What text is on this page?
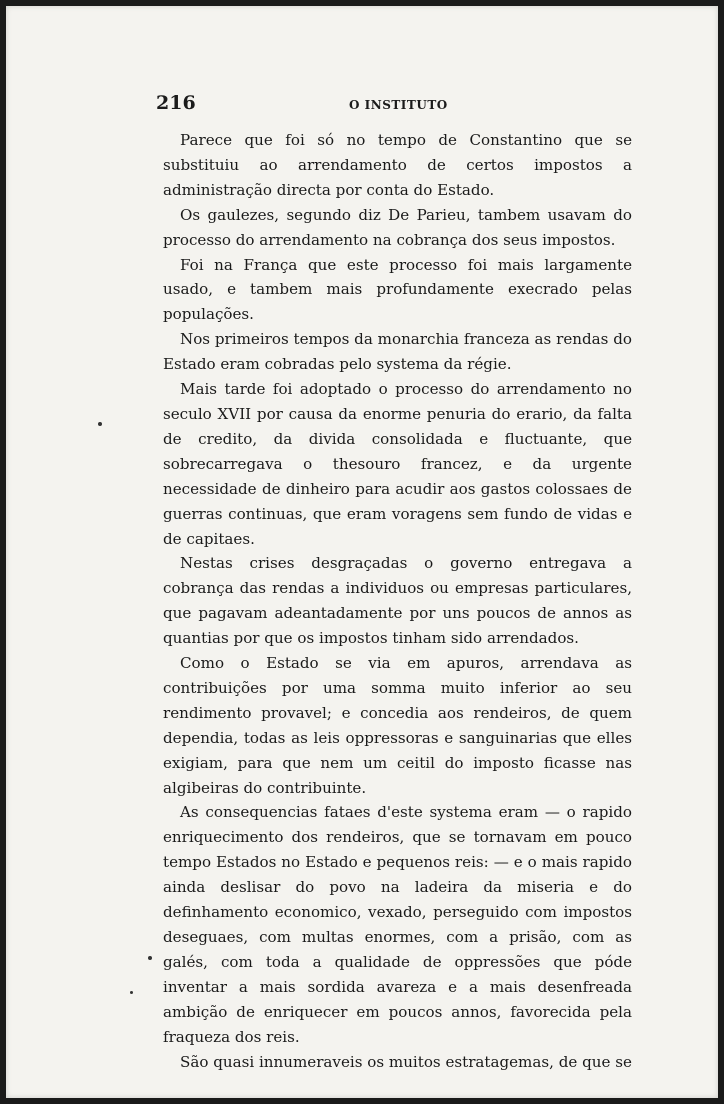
216	O INSTITUTO

Parece que foi só no tempo de Constantino que se substituiu ao arrendamento de certos impostos a administração directa por conta do Estado.

Os gaulezes, segundo diz De Parieu, tambem usavam do processo do arrendamento na cobrança dos seus impostos.

Foi na França que este processo foi mais largamente usado, e tambem mais profundamente execrado pelas populações.

Nos primeiros tempos da monarchia franceza as rendas do Estado eram cobradas pelo systema da régie.

Mais tarde foi adoptado o processo do arrendamento no seculo XVII por causa da enorme penuria do erario, da falta de credito, da divida consolidada e fluctuante, que sobrecarregava o thesouro francez, e da urgente necessidade de dinheiro para acudir aos gastos colossaes de guerras continuas, que eram voragens sem fundo de vidas e de capitaes.

Nestas crises desgraçadas o governo entregava a cobrança das rendas a individuos ou empresas particulares, que pagavam adeantadamente por uns poucos de annos as quantias por que os impostos tinham sido arrendados.

Como o Estado se via em apuros, arrendava as contribuições por uma somma muito inferior ao seu rendimento provavel; e concedia aos rendeiros, de quem dependia, todas as leis oppressoras e sanguinarias que elles exigiam, para que nem um ceitil do imposto ficasse nas algibeiras do contribuinte.

As consequencias fataes d'este systema eram — o rapido enriquecimento dos rendeiros, que se tornavam em pouco tempo Estados no Estado e pequenos reis: — e o mais rapido ainda deslisar do povo na ladeira da miseria e do definhamento economico, vexado, perseguido com impostos deseguaes, com multas enormes, com a prisão, com as galés, com toda a qualidade de oppressões que póde inventar a mais sordida avareza e a mais desenfreada ambição de enriquecer em poucos annos, favorecida pela fraqueza dos reis.

São quasi innumeraveis os muitos estratagemas, de que se
